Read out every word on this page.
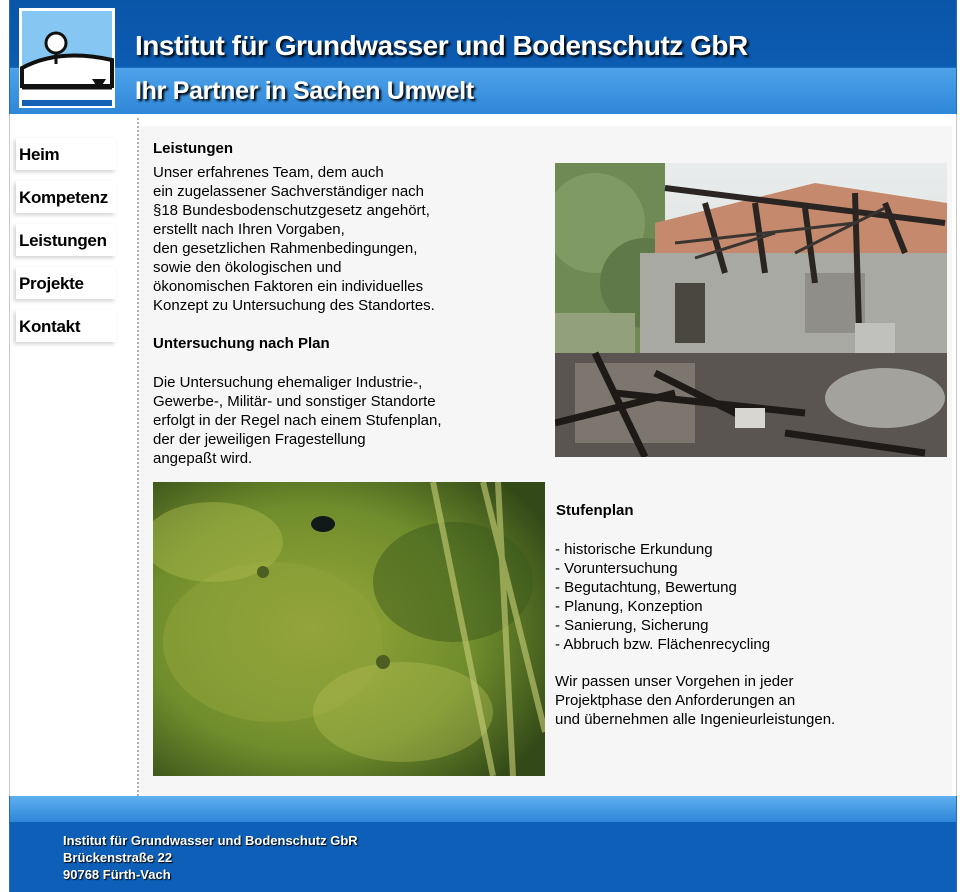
Institut für Grundwasser und Bodenschutz GbR
Ihr Partner in Sachen Umwelt
Heim
Kompetenz
Leistungen
Projekte
Kontakt
Leistungen
Unser erfahrenes Team, dem auch
ein zugelassener Sachverständiger nach
§18 Bundesbodenschutzgesetz angehört,
erstellt nach Ihren Vorgaben,
den gesetzlichen Rahmenbedingungen,
sowie den ökologischen und
ökonomischen Faktoren ein individuelles
Konzept zu Untersuchung des Standortes.
Untersuchung nach Plan
Die Untersuchung ehemaliger Industrie-,
Gewerbe-, Militär- und sonstiger Standorte
erfolgt in der Regel nach einem Stufenplan,
der der jeweiligen Fragestellung
angepaßt wird.
Stufenplan
- historische Erkundung
- Voruntersuchung
- Begutachtung, Bewertung
- Planung, Konzeption
- Sanierung, Sicherung
- Abbruch bzw. Flächenrecycling
Wir passen unser Vorgehen in jeder
Projektphase den Anforderungen an
und übernehmen alle Ingenieurleistungen.
Institut für Grundwasser und Bodenschutz GbR
Brückenstraße 22
90768 Fürth-Vach
